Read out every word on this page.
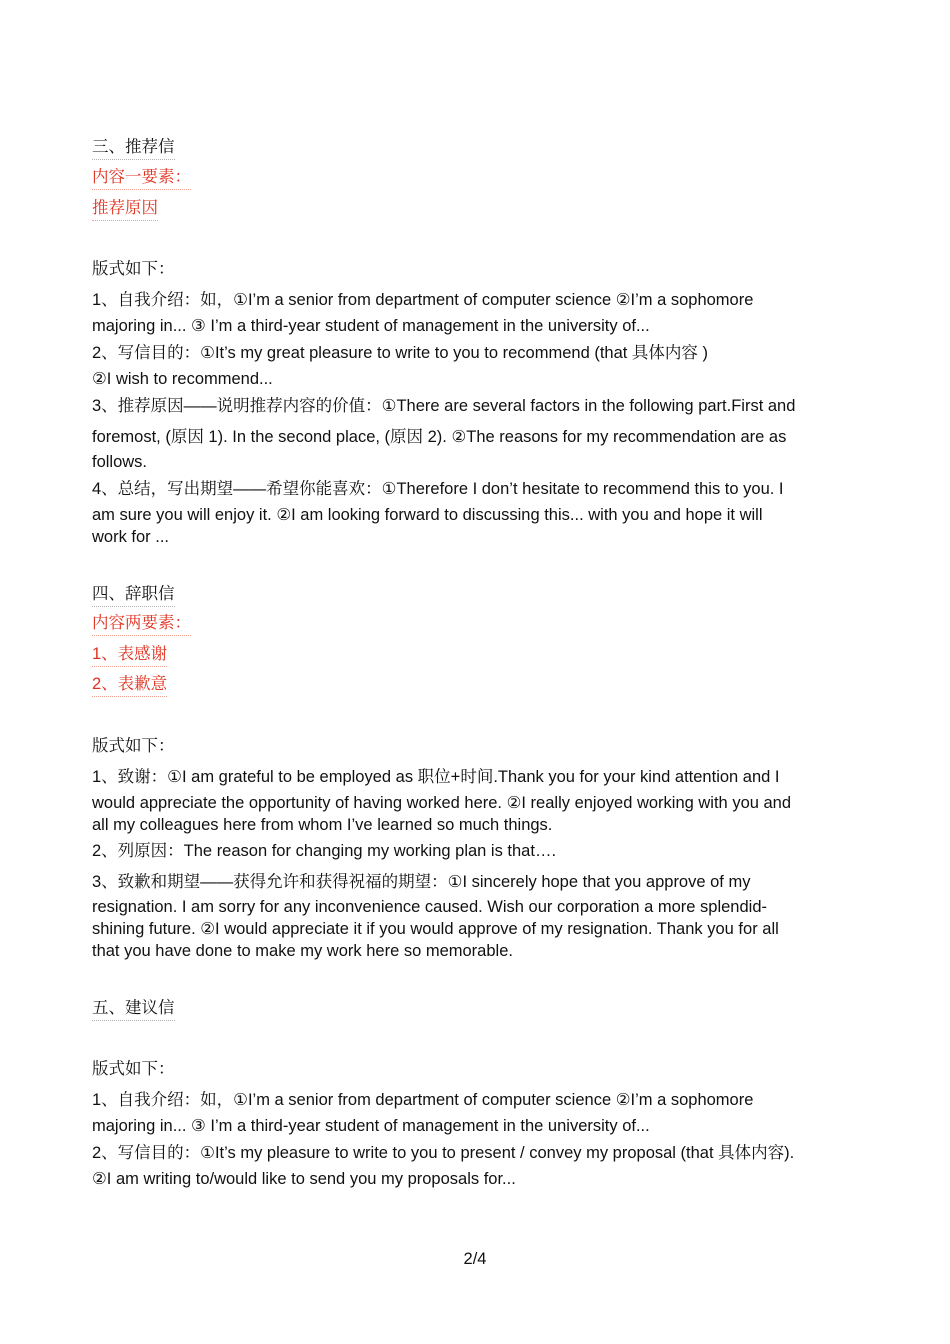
三、推荐信
内容一要素：
推荐原因
版式如下：
1、自我介绍：如，①I’m a senior from department of computer science ②I’m a sophomore
majoring in... ③ I’m a third-year student of management in the university of...
2、写信目的：①It’s my great pleasure to write to you to recommend (that 具体内容 )
②I wish to recommend...
3、推荐原因——说明推荐内容的价值：①There are several factors in the following part.First and
foremost, (原因 1). In the second place, (原因 2). ②The reasons for my recommendation are as
follows.
4、总结，写出期望——希望你能喜欢：①Therefore I don’t hesitate to recommend this to you. I
am sure you will enjoy it. ②I am looking forward to discussing this... with you and hope it will
work for ...
四、辞职信
内容两要素：
1、表感谢
2、表歉意
版式如下：
1、致谢：①I am grateful to be employed as 职位+时间.Thank you for your kind attention and I
would appreciate the opportunity of having worked here. ②I really enjoyed working with you and
all my colleagues here from whom I’ve learned so much things.
2、列原因：The reason for changing my working plan is that….
3、致歉和期望——获得允许和获得祝福的期望：①I sincerely hope that you approve of my
resignation. I am sorry for any inconvenience caused. Wish our corporation a more splendid-
shining future. ②I would appreciate it if you would approve of my resignation. Thank you for all
that you have done to make my work here so memorable.
五、建议信
版式如下：
1、自我介绍：如，①I’m a senior from department of computer science ②I’m a sophomore
majoring in... ③ I’m a third-year student of management in the university of...
2、写信目的：①It’s my pleasure to write to you to present / convey my proposal (that 具体内容).
②I am writing to/would like to send you my proposals for...
2/4
